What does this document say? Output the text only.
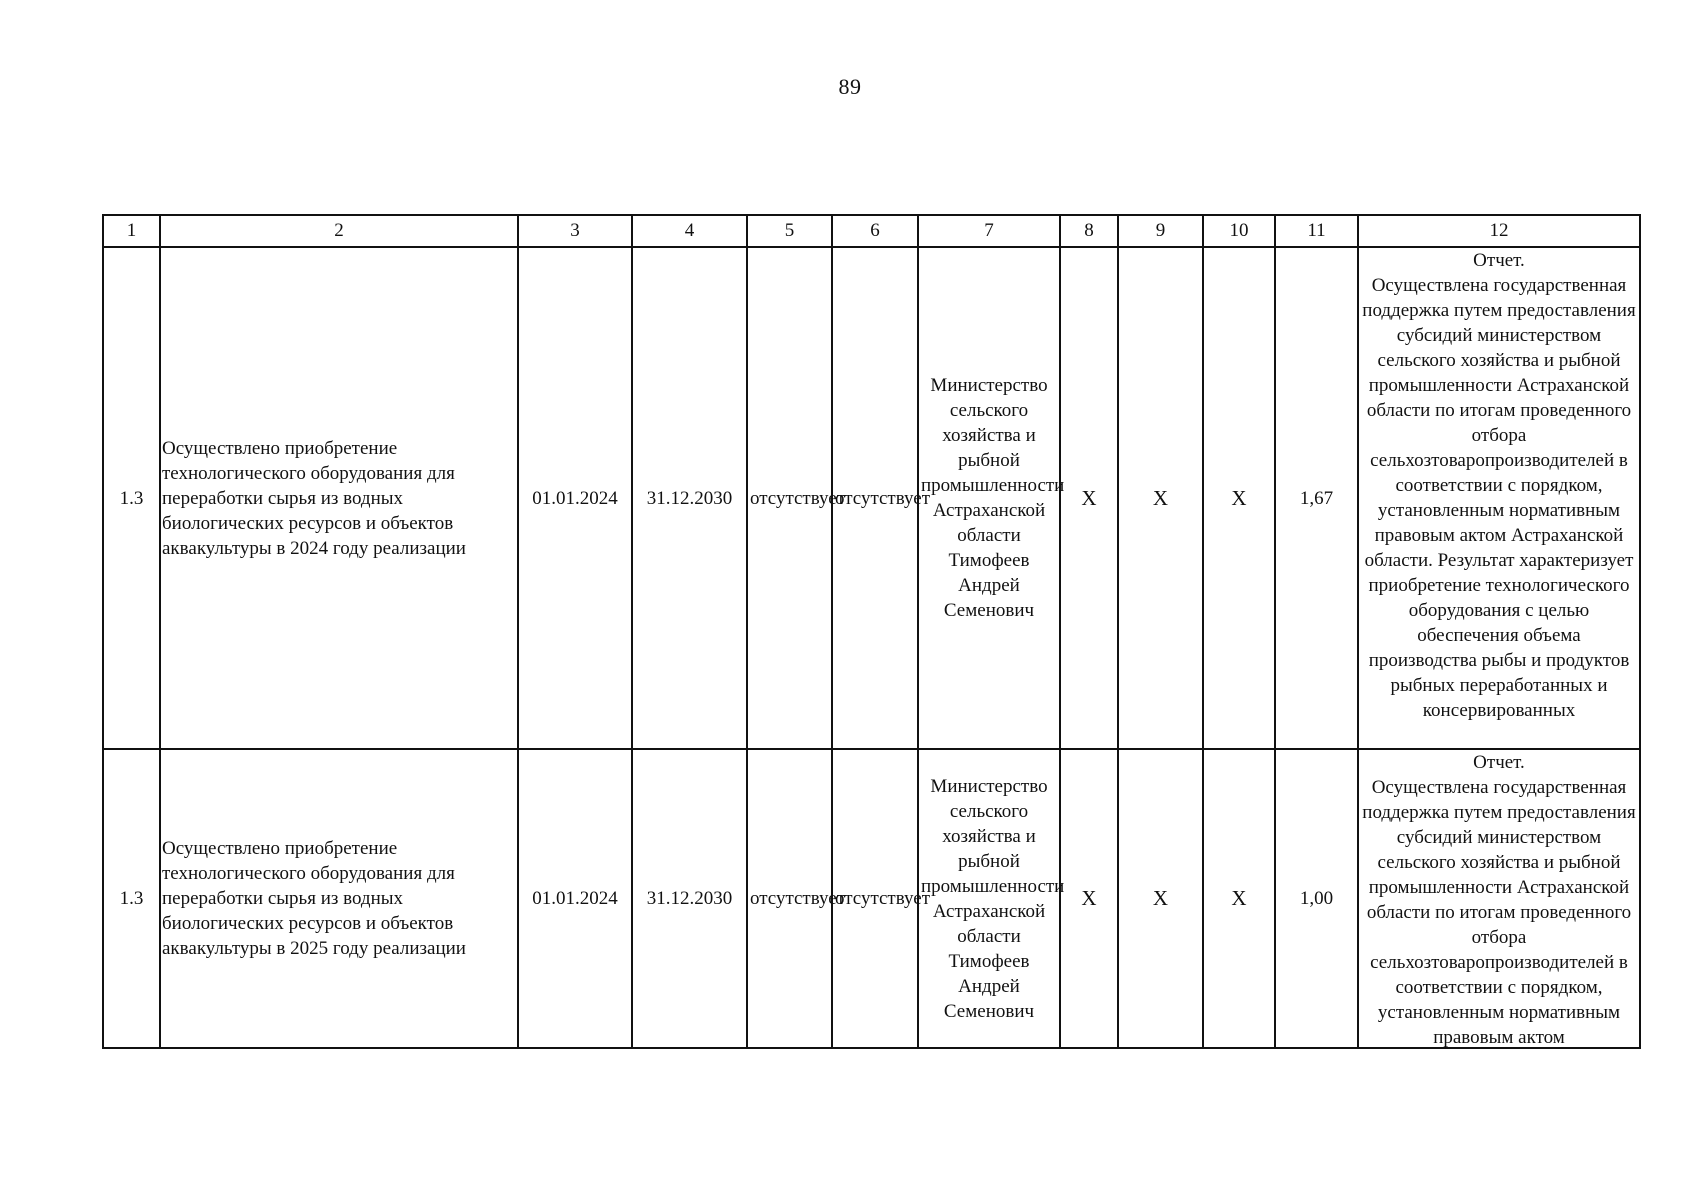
89
1	2	3	4	5	6	7	8	9	10	11	12
1.3	Осуществлено приобретение технологического оборудования для переработки сырья из водных биологических ресурсов и объектов аквакультуры в 2024 году реализации	01.01.2024	31.12.2030	отсутствует	отсутствует	Министерство сельского хозяйства и рыбной промышленности Астраханской области Тимофеев Андрей Семенович	X	X	X	1,67	Отчет.
Осуществлена государственная поддержка путем предоставления субсидий министерством сельского хозяйства и рыбной промышленности Астраханской области по итогам проведенного отбора сельхозтоваропроизводителей в соответствии с порядком, установленным нормативным правовым актом Астраханской области. Результат характеризует приобретение технологического оборудования с целью обеспечения объема производства рыбы и продуктов рыбных переработанных и консервированных

1.3	Осуществлено приобретение технологического оборудования для переработки сырья из водных биологических ресурсов и объектов аквакультуры в 2025 году реализации	01.01.2024	31.12.2030	отсутствует	отсутствует	Министерство сельского хозяйства и рыбной промышленности Астраханской области Тимофеев Андрей Семенович	X	X	X	1,00	Отчет.
Осуществлена государственная поддержка путем предоставления субсидий министерством сельского хозяйства и рыбной промышленности Астраханской области по итогам проведенного отбора сельхозтоваропроизводителей в соответствии с порядком, установленным нормативным правовым актом
